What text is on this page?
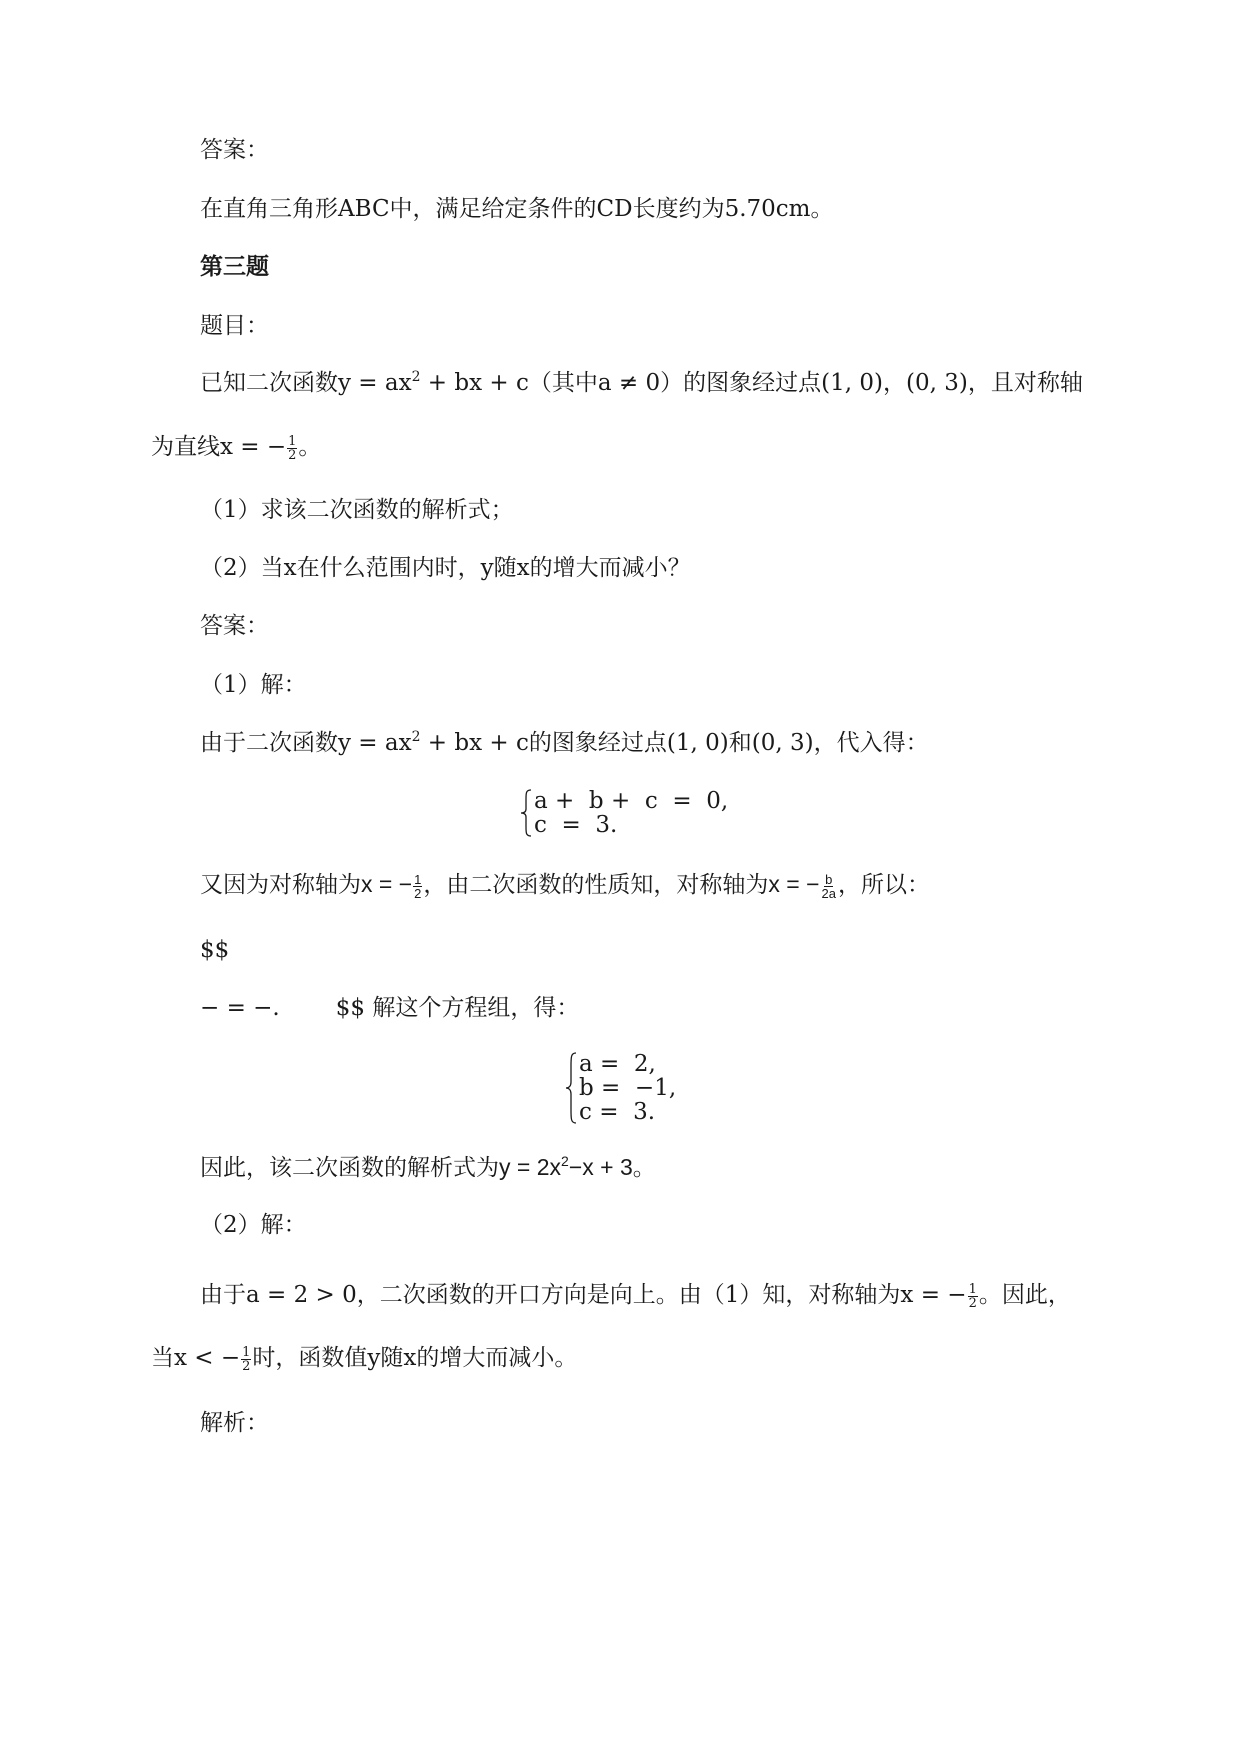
答案：
在直角三角形ABC中，满足给定条件的CD长度约为5.70cm。
第三题
题目：
已知二次函数$y = ax^2$ + bx + c（其中a ≠ 0）的图象经过点(1, 0)，(0, 3)，且对称轴
为直线x = − $\frac{1}{2}$ 。
（1）求该二次函数的解析式；
（2）当x在什么范围内时，y随x的增大而减小？
答案：
（1）解：
由于二次函数$y = ax^2$ + bx + c的图象经过点(1, 0)和(0, 3)，代入得：
a +  b +  c  =  0,
c  =  3.
又因为对称轴为x = − $\frac{1}{2}$ ，由二次函数的性质知，对称轴为x = − $\frac{b}{2a}$ ，所以：
$$
− = −. $$ 解这个方程组，得：
a =  2,
b =  −1,
c =  3.
因此，该二次函数的解析式为$y = 2x^2-x + 3$。
（2）解：
由于a = 2 > 0，二次函数的开口方向是向上。由（1）知，对称轴为x = − $\frac{1}{2}$ 。因此，
当x < − $\frac{1}{2}$ 时，函数值y随x的增大而减小。
解析：
